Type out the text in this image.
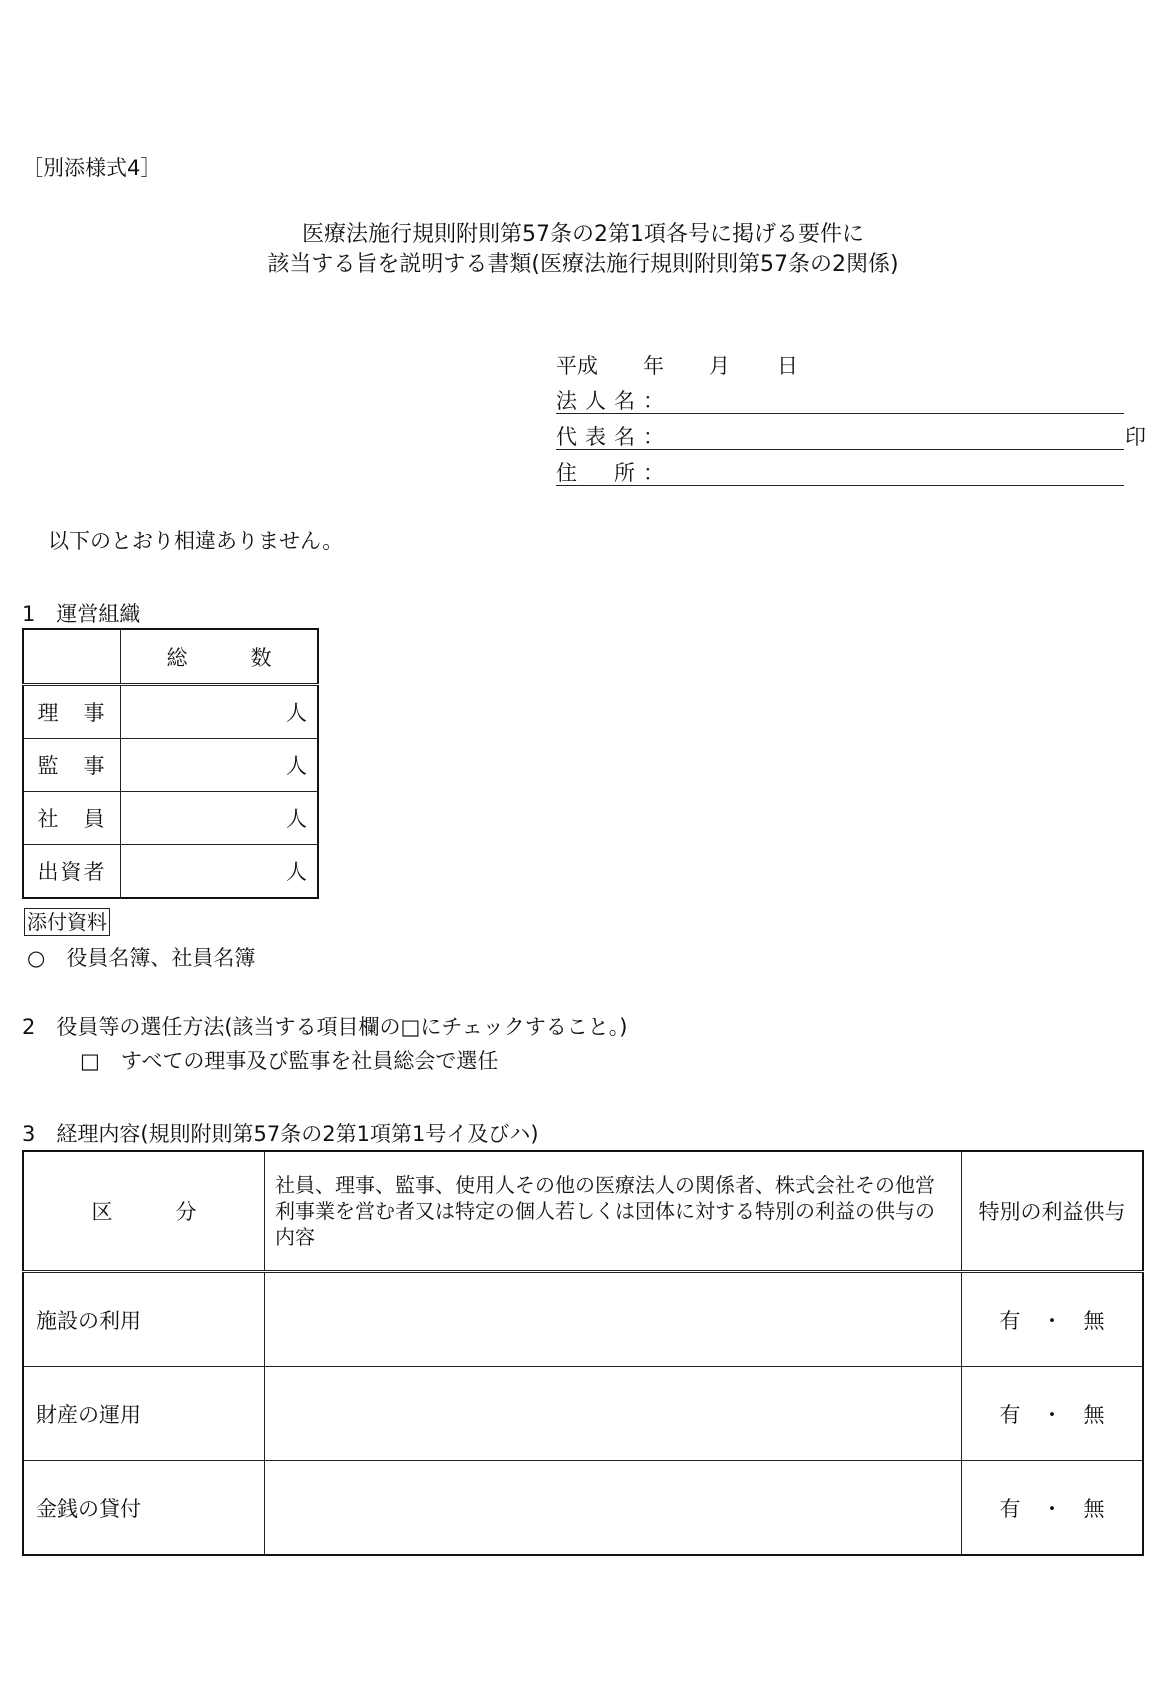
［別添様式4］
医療法施行規則附則第57条の2第1項各号に掲げる要件に
該当する旨を説明する書類(医療法施行規則附則第57条の2関係)
平成 年 月 日
法人名：
代表名：	印
住　所：
以下のとおり相違ありません。
1　運営組織
	総　　　数
理　事	人
監　事	人
社　員	人
出資者	人
添付資料
○　役員名簿、社員名簿
2　役員等の選任方法(該当する項目欄の□にチェックすること。)
□　すべての理事及び監事を社員総会で選任
3　経理内容(規則附則第57条の2第1項第1号イ及びハ)
区　　　分	社員、理事、監事、使用人その他の医療法人の関係者、株式会社その他営利事業を営む者又は特定の個人若しくは団体に対する特別の利益の供与の内容	特別の利益供与
施設の利用		有　・　無
財産の運用		有　・　無
金銭の貸付		有　・　無
